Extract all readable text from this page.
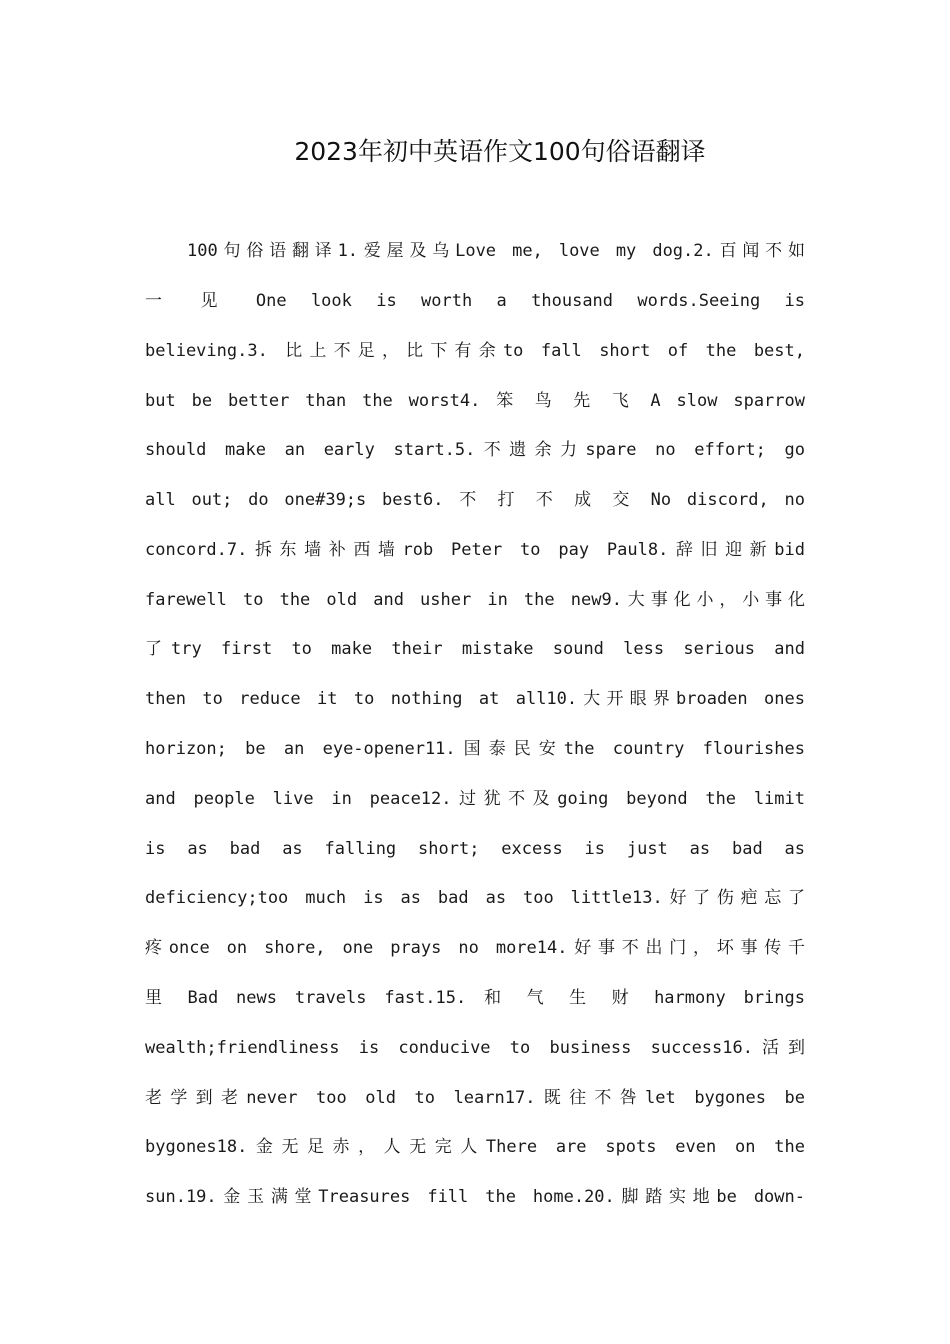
2023年初中英语作文100句俗语翻译
100句俗语翻译1.爱屋及乌Love me, love my dog.2.百闻不如
一 见 One look is worth a thousand words.Seeing is
believing.3. 比上不足，比下有余to fall short of the best,
but be better than the worst4. 笨 鸟 先 飞 A slow sparrow
should make an early start.5.不遗余力spare no effort; go
all out; do one#39;s best6. 不 打 不 成 交 No discord, no
concord.7.拆东墙补西墙rob Peter to pay Paul8.辞旧迎新bid
farewell to the old and usher in the new9.大事化小，小事化
了try first to make their mistake sound less serious and
then to reduce it to nothing at all10.大开眼界broaden ones
horizon; be an eye-opener11.国泰民安the country flourishes
and people live in peace12.过犹不及going beyond the limit
is as bad as falling short; excess is just as bad as
deficiency;too much is as bad as too little13.好了伤疤忘了
疼once on shore, one prays no more14.好事不出门，坏事传千
里 Bad news travels fast.15. 和 气 生 财 harmony brings
wealth;friendliness is conducive to business success16.活到
老学到老never too old to learn17.既往不咎let bygones be
bygones18.金无足赤，人无完人There are spots even on the
sun.19.金玉满堂Treasures fill the home.20.脚踏实地be down-
